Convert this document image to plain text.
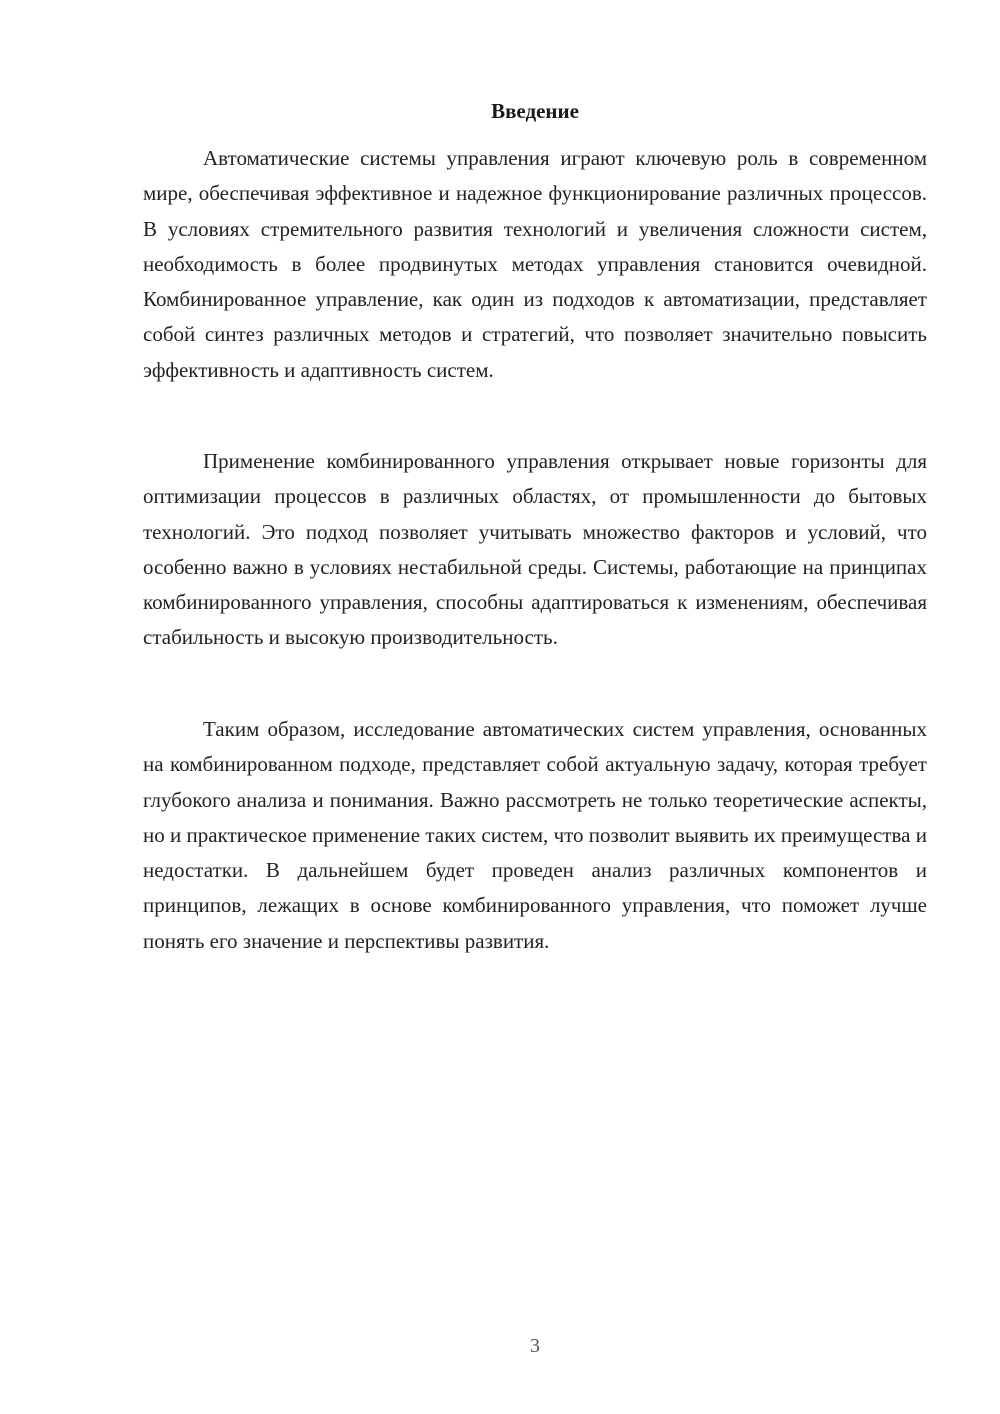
Введение

Автоматические системы управления играют ключевую роль в современном мире, обеспечивая эффективное и надежное функционирование различных процессов. В условиях стремительного развития технологий и увеличения сложности систем, необходимость в более продвинутых методах управления становится очевидной. Комбинированное управление, как один из подходов к автоматизации, представляет собой синтез различных методов и стратегий, что позволяет значительно повысить эффективность и адаптивность систем.

Применение комбинированного управления открывает новые горизонты для оптимизации процессов в различных областях, от промышленности до бытовых технологий. Это подход позволяет учитывать множество факторов и условий, что особенно важно в условиях нестабильной среды. Системы, работающие на принципах комбинированного управления, способны адаптироваться к изменениям, обеспечивая стабильность и высокую производительность.

Таким образом, исследование автоматических систем управления, основанных на комбинированном подходе, представляет собой актуальную задачу, которая требует глубокого анализа и понимания. Важно рассмотреть не только теоретические аспекты, но и практическое применение таких систем, что позволит выявить их преимущества и недостатки. В дальнейшем будет проведен анализ различных компонентов и принципов, лежащих в основе комбинированного управления, что поможет лучше понять его значение и перспективы развития.

3
